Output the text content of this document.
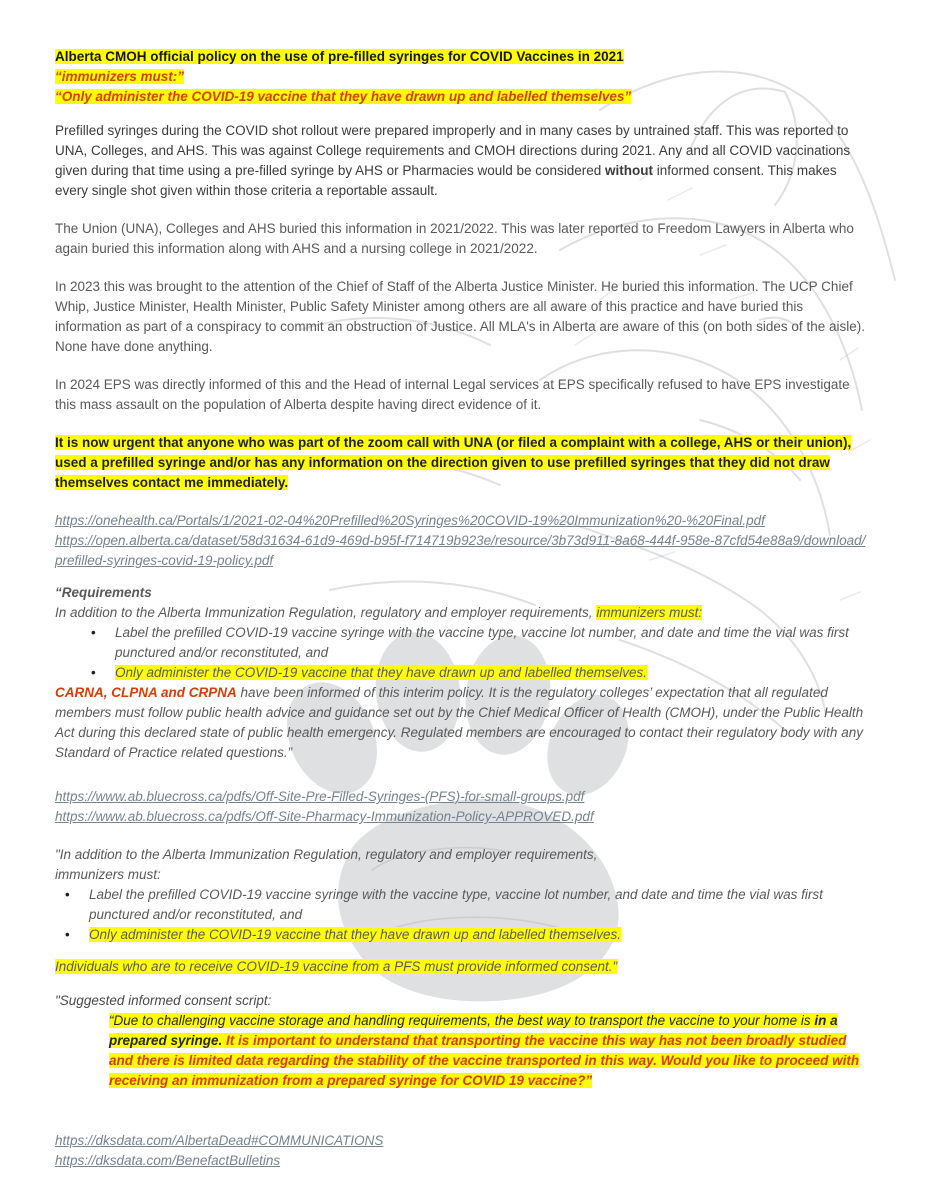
Alberta CMOH official policy on the use of pre-filled syringes for COVID Vaccines in 2021
“immunizers must:”
“Only administer the COVID-19 vaccine that they have drawn up and labelled themselves”

Prefilled syringes during the COVID shot rollout were prepared improperly and in many cases by untrained staff. This was reported to UNA, Colleges, and AHS. This was against College requirements and CMOH directions during 2021. Any and all COVID vaccinations given during that time using a pre-filled syringe by AHS or Pharmacies would be considered without informed consent. This makes every single shot given within those criteria a reportable assault.

The Union (UNA), Colleges and AHS buried this information in 2021/2022. This was later reported to Freedom Lawyers in Alberta who again buried this information along with AHS and a nursing college in 2021/2022.

In 2023 this was brought to the attention of the Chief of Staff of the Alberta Justice Minister. He buried this information. The UCP Chief Whip, Justice Minister, Health Minister, Public Safety Minister among others are all aware of this practice and have buried this information as part of a conspiracy to commit an obstruction of Justice. All MLA's in Alberta are aware of this (on both sides of the aisle). None have done anything.

In 2024 EPS was directly informed of this and the Head of internal Legal services at EPS specifically refused to have EPS investigate this mass assault on the population of Alberta despite having direct evidence of it.

It is now urgent that anyone who was part of the zoom call with UNA (or filed a complaint with a college, AHS or their union), used a prefilled syringe and/or has any information on the direction given to use prefilled syringes that they did not draw themselves contact me immediately.

https://onehealth.ca/Portals/1/2021-02-04%20Prefilled%20Syringes%20COVID-19%20Immunization%20-%20Final.pdf
https://open.alberta.ca/dataset/58d31634-61d9-469d-b95f-f714719b923e/resource/3b73d911-8a68-444f-958e-87cfd54e88a9/download/prefilled-syringes-covid-19-policy.pdf
“Requirements
In addition to the Alberta Immunization Regulation, regulatory and employer requirements, immunizers must:
• Label the prefilled COVID-19 vaccine syringe with the vaccine type, vaccine lot number, and date and time the vial was first punctured and/or reconstituted, and
• Only administer the COVID-19 vaccine that they have drawn up and labelled themselves.
CARNA, CLPNA and CRPNA have been informed of this interim policy. It is the regulatory colleges’ expectation that all regulated members must follow public health advice and guidance set out by the Chief Medical Officer of Health (CMOH), under the Public Health Act during this declared state of public health emergency. Regulated members are encouraged to contact their regulatory body with any Standard of Practice related questions.”
https://www.ab.bluecross.ca/pdfs/Off-Site-Pre-Filled-Syringes-(PFS)-for-small-groups.pdf
https://www.ab.bluecross.ca/pdfs/Off-Site-Pharmacy-Immunization-Policy-APPROVED.pdf
"In addition to the Alberta Immunization Regulation, regulatory and employer requirements,
immunizers must:
• Label the prefilled COVID-19 vaccine syringe with the vaccine type, vaccine lot number, and date and time the vial was first punctured and/or reconstituted, and
• Only administer the COVID-19 vaccine that they have drawn up and labelled themselves.
Individuals who are to receive COVID-19 vaccine from a PFS must provide informed consent."
"Suggested informed consent script:
“Due to challenging vaccine storage and handling requirements, the best way to transport the vaccine to your home is in a prepared syringe. It is important to understand that transporting the vaccine this way has not been broadly studied and there is limited data regarding the stability of the vaccine transported in this way. Would you like to proceed with receiving an immunization from a prepared syringe for COVID 19 vaccine?”
https://dksdata.com/AlbertaDead#COMMUNICATIONS
https://dksdata.com/BenefactBulletins
